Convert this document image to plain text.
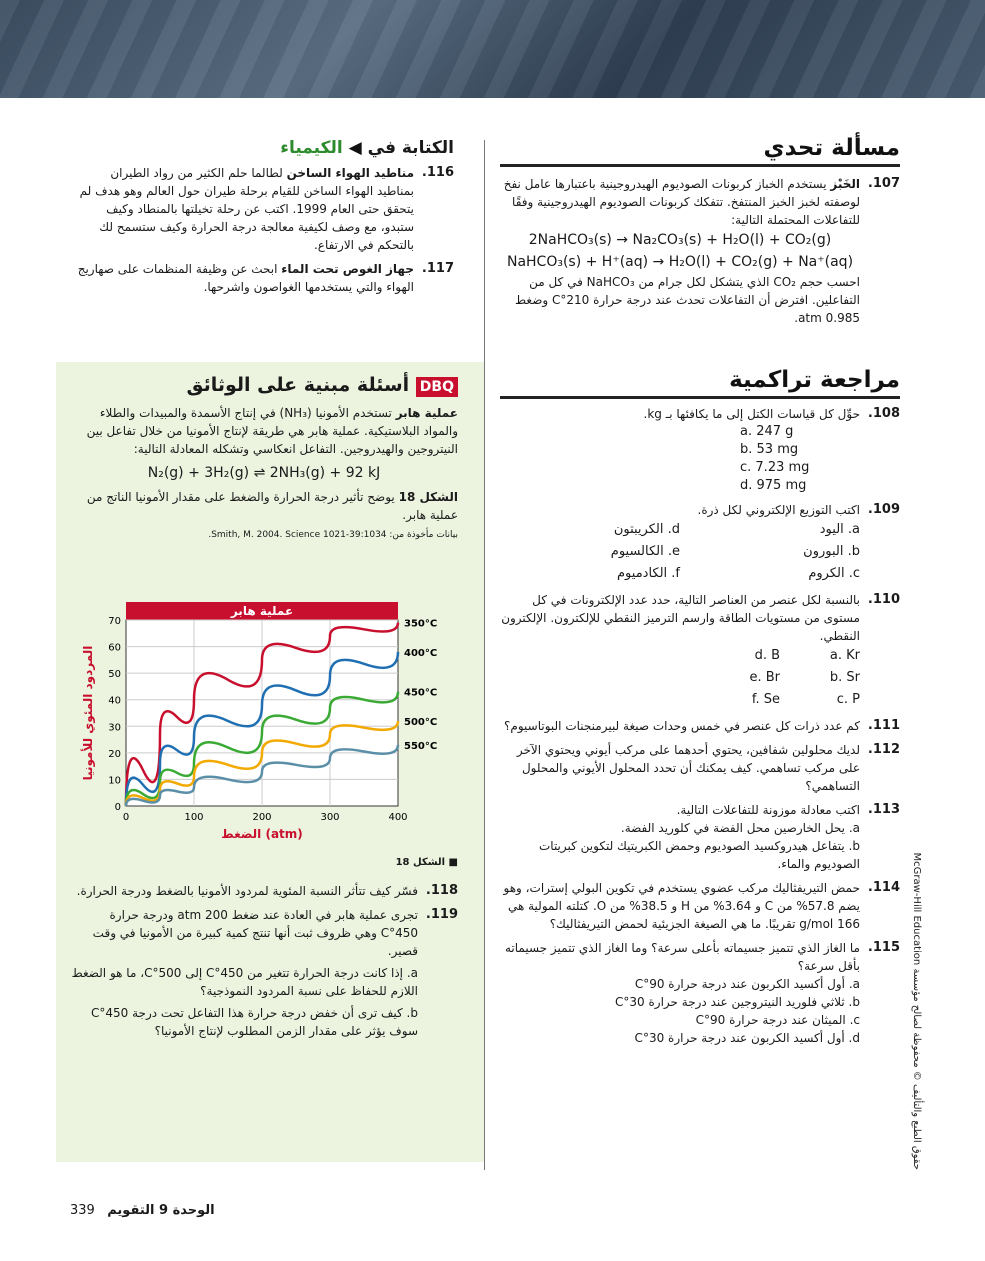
مسألة تحدي
107.
الخَبْز يستخدم الخباز كربونات الصوديوم الهيدروجينية باعتبارها عامل نفخ لوصفته لخبز الخبز المنتفخ. تتفكك كربونات الصوديوم الهيدروجينية وفقًا للتفاعلات المحتملة التالية:
2NaHCO₃(s) → Na₂CO₃(s) + H₂O(l) + CO₂(g)
NaHCO₃(s) + H⁺(aq) → H₂O(l) + CO₂(g) + Na⁺(aq)
احسب حجم CO₂ الذي يتشكل لكل جرام من NaHCO₃ في كل من التفاعلين. افترض أن التفاعلات تحدث عند درجة حرارة 210°C وضغط 0.985 atm.
مراجعة تراكمية
108.
حوِّل كل قياسات الكتل إلى ما يكافئها بـ kg.
a. 247 g
b. 53 mg
c. 7.23 mg
d. 975 mg
109.
اكتب التوزيع الإلكتروني لكل ذرة.
a. اليود
d. الكريبتون
b. البورون
e. الكالسيوم
c. الكروم
f. الكادميوم
110.
بالنسبة لكل عنصر من العناصر التالية، حدد عدد الإلكترونات في كل مستوى من مستويات الطاقة وارسم الترميز النقطي للإلكترون. الإلكترون النقطي.
a. Kr
d. B
b. Sr
e. Br
c. P
f. Se
111.
كم عدد ذرات كل عنصر في خمس وحدات صيغة لبيرمنجنات البوتاسيوم؟
112.
لديك محلولين شفافين، يحتوي أحدهما على مركب أيوني ويحتوي الآخر على مركب تساهمي. كيف يمكنك أن تحدد المحلول الأيوني والمحلول التساهمي؟
113.
اكتب معادلة موزونة للتفاعلات التالية.
a. يحل الخارصين محل الفضة في كلوريد الفضة.
b. يتفاعل هيدروكسيد الصوديوم وحمض الكبريتيك لتكوين كبريتات الصوديوم والماء.
114.
حمض التيريفثاليك مركب عضوي يستخدم في تكوين البولي إسترات، وهو يضم 57.8% من C و 3.64% من H و 38.5% من O. كتلته المولية هي 166 g/mol تقريبًا. ما هي الصيغة الجزيئية لحمض التيريفثاليك؟
115.
ما الغاز الذي تتميز جسيماته بأعلى سرعة؟ وما الغاز الذي تتميز جسيماته بأقل سرعة؟
a. أول أكسيد الكربون عند درجة حرارة 90°C
b. ثلاثي فلوريد النيتروجين عند درجة حرارة 30°C
c. الميثان عند درجة حرارة 90°C
d. أول أكسيد الكربون عند درجة حرارة 30°C
الكتابة في ◀ الكيمياء
116.
مناطيد الهواء الساخن لطالما حلم الكثير من رواد الطيران بمناطيد الهواء الساخن للقيام برحلة طيران حول العالم وهو هدف لم يتحقق حتى العام 1999. اكتب عن رحلة تخيلتها بالمنطاد وكيف ستبدو، مع وصف لكيفية معالجة درجة الحرارة وكيف ستسمح لك بالتحكم في الارتفاع.
117.
جهاز الغوص تحت الماء ابحث عن وظيفة المنظمات على صهاريج الهواء والتي يستخدمها الغواصون واشرحها.
DBQ أسئلة مبنية على الوثائق
عملية هابر تستخدم الأمونيا (NH₃) في إنتاج الأسمدة والمبيدات والطلاء والمواد البلاستيكية. عملية هابر هي طريقة لإنتاج الأمونيا من خلال تفاعل بين النيتروجين والهيدروجين. التفاعل انعكاسي وتشكله المعادلة التالية:
N₂(g) + 3H₂(g) ⇌ 2NH₃(g) + 92 kJ
الشكل 18 يوضح تأثير درجة الحرارة والضغط على مقدار الأمونيا الناتج من عملية هابر.
بيانات مأخوذة من: Smith, M. 2004. Science 1021-39:1034.
عملية هابر
350°C
400°C
450°C
500°C
550°C
0
10
20
30
40
50
60
70
0	100	200	300	400
الضغط (atm)
المردود المئوي للأمونيا
■ الشكل 18
118.
فسّر كيف تتأثر النسبة المئوية لمردود الأمونيا بالضغط ودرجة الحرارة.
119.
تجرى عملية هابر في العادة عند ضغط 200 atm ودرجة حرارة 450°C وهي ظروف ثبت أنها تنتج كمية كبيرة من الأمونيا في وقت قصير.
a. إذا كانت درجة الحرارة تتغير من 450°C إلى 500°C، ما هو الضغط اللازم للحفاظ على نسبة المردود النموذجية؟
b. كيف ترى أن خفض درجة حرارة هذا التفاعل تحت درجة 450°C سوف يؤثر على مقدار الزمن المطلوب لإنتاج الأمونيا؟
حقوق الطبع والتأليف © محفوظة لصالح مؤسسة McGraw-Hill Education
الوحدة 9 التقويم   339
